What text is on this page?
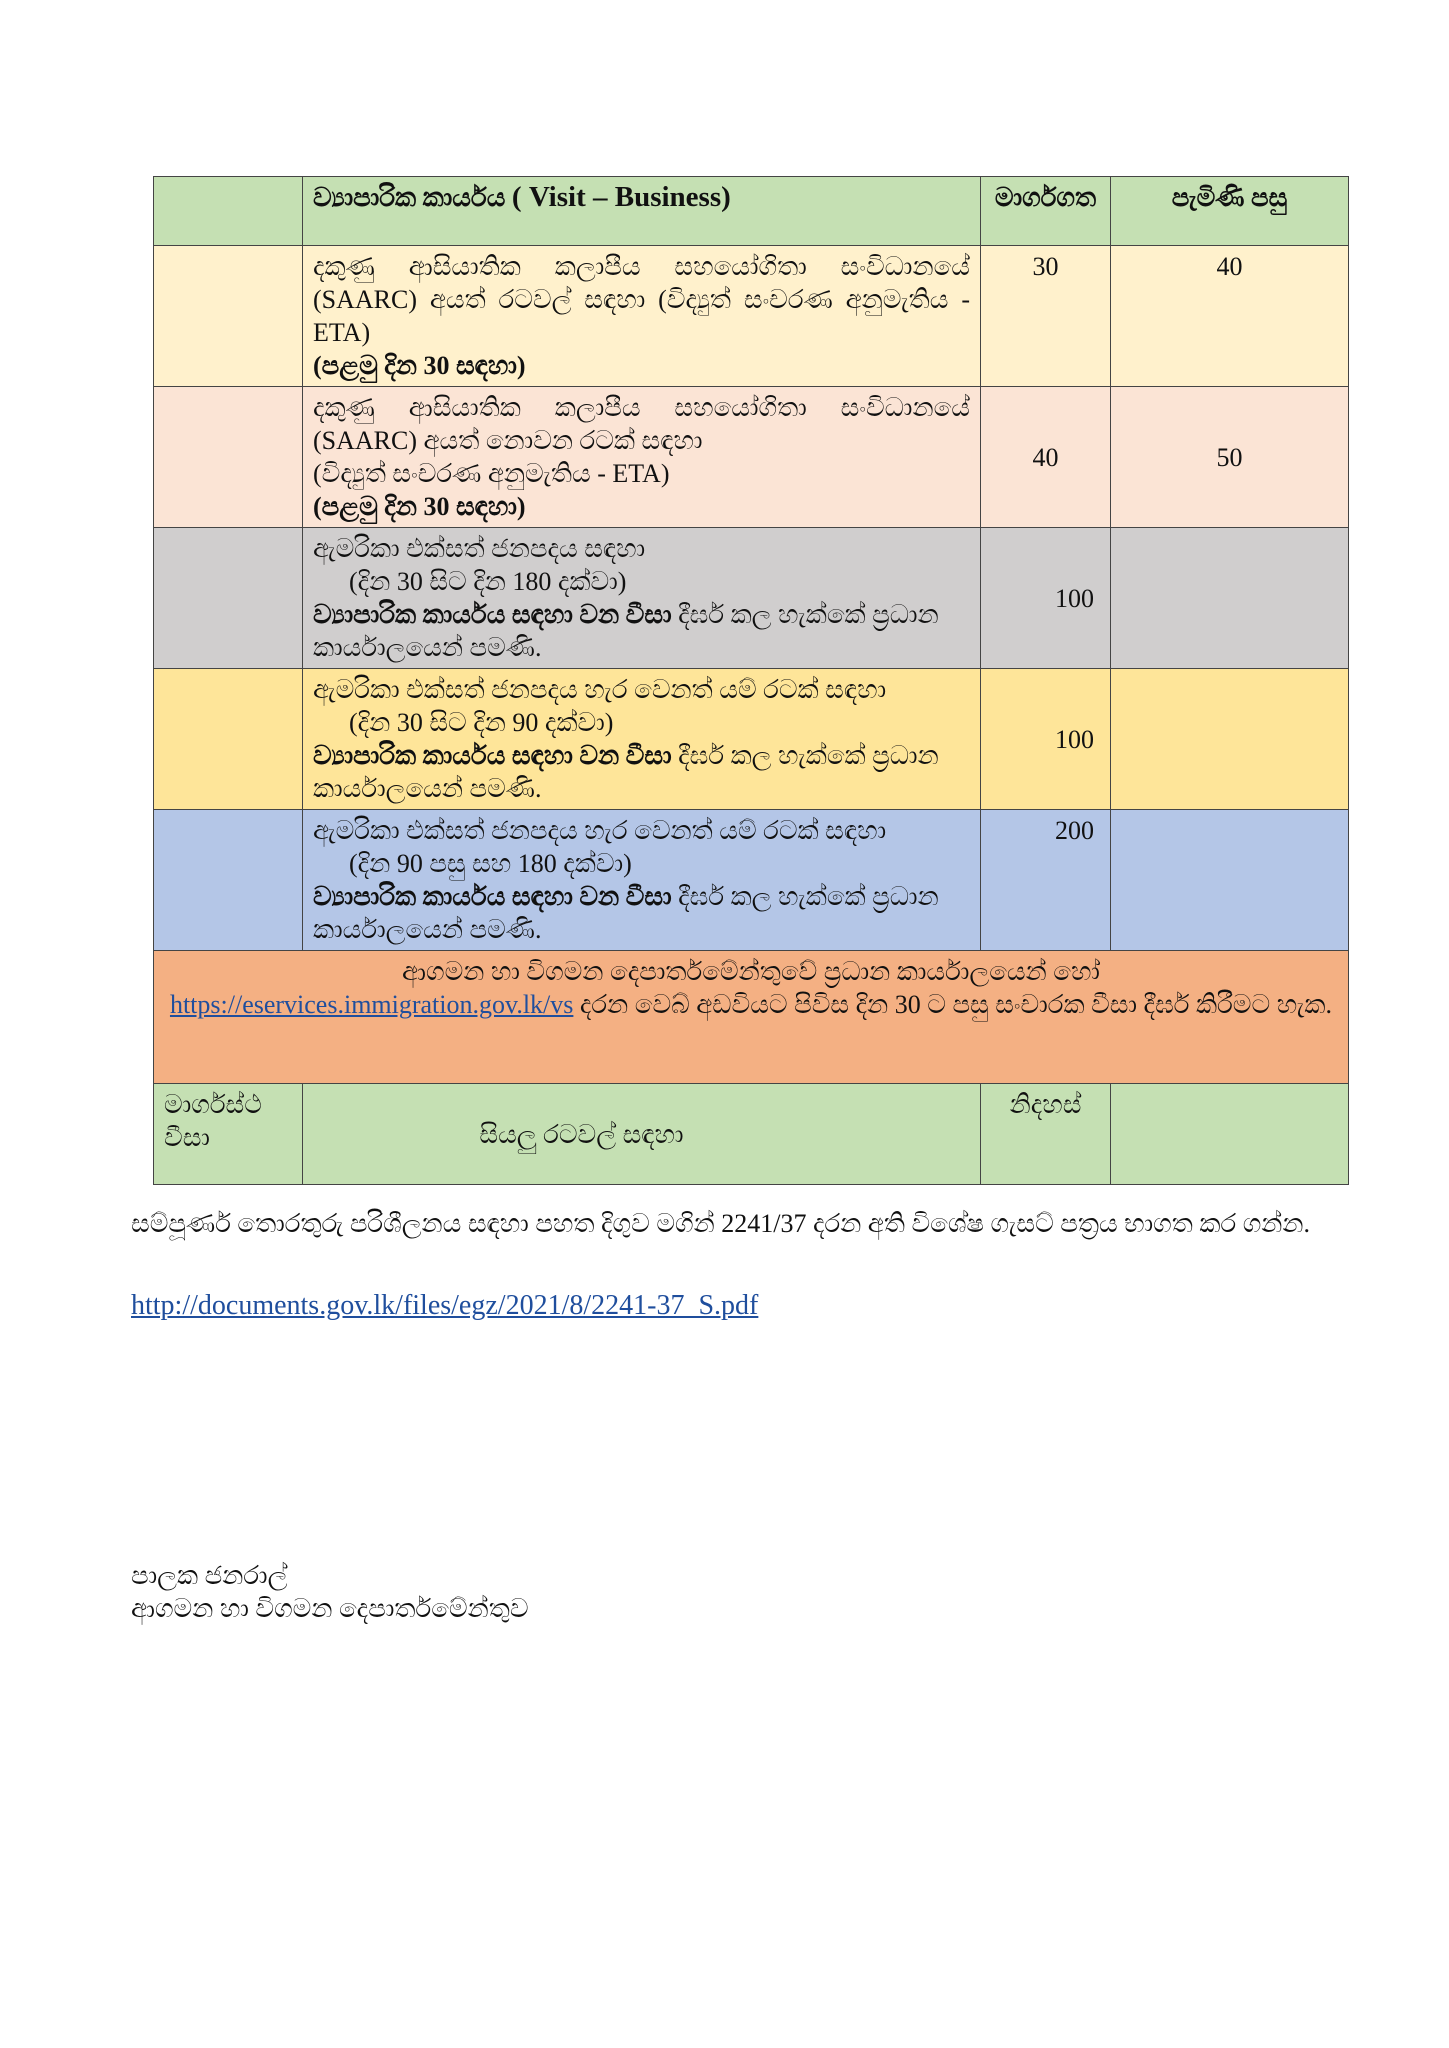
	ව්‍යාපාරික කාර්යය ( Visit – Business)	මාර්ගගත	පැමිණි පසු

	දකුණු ආසියාතික කලාපීය සහයෝගිතා සංවිධානයේ (SAARC) අයත් රටවල් සඳහා (විද්‍යුත් සංචරණ අනුමැතිය - ETA)
(පළමු දින 30 සඳහා)	30	40

	දකුණු ආසියාතික කලාපීය සහයෝගිතා සංවිධානයේ (SAARC) අයත් නොවන රටක් සඳහා
(විද්‍යුත් සංචරණ අනුමැතිය - ETA)
(පළමු දින 30 සඳහා)	40	50

	ඇමරිකා එක්සත් ජනපදය සඳහා
(දින 30 සිට දින 180 දක්වා)
ව්‍යාපාරික කාර්යය සඳහා වන වීසා දීර්ඝ කල හැක්කේ ප්‍රධාන කාර්යාලයෙන් පමණි.	100	

	ඇමරිකා එක්සත් ජනපදය හැර වෙනත් යම් රටක් සඳහා
(දින 30 සිට දින 90 දක්වා)
ව්‍යාපාරික කාර්යය සඳහා වන වීසා දීර්ඝ කල හැක්කේ ප්‍රධාන කාර්යාලයෙන් පමණි.	100	

	ඇමරිකා එක්සත් ජනපදය හැර වෙනත් යම් රටක් සඳහා
(දින 90 පසු සහ 180 දක්වා)
ව්‍යාපාරික කාර්යය සඳහා වන වීසා දීර්ඝ කල හැක්කේ ප්‍රධාන කාර්යාලයෙන් පමණි.	200	

ආගමන හා විගමන දෙපාර්තමේන්තුවේ ප්‍රධාන කාර්යාලයෙන් හෝ
https://eservices.immigration.gov.lk/vs දරන වෙබ් අඩවියට පිවිස දින 30 ට පසු සංචාරක වීසා දීර්ඝ කිරීමට හැක.			

මාර්ගස්ථ වීසා	සියලු රටවල් සඳහා	නිදහස්	
සම්පූර්ණ තොරතුරු පරිශීලනය සඳහා පහත දිගුව මගින් 2241/37 දරන අති විශේෂ ගැසට් පත්‍රය භාගත කර ගන්න.
http://documents.gov.lk/files/egz/2021/8/2241-37_S.pdf
පාලක ජනරාල්
ආගමන හා විගමන දෙපාර්තමේන්තුව
